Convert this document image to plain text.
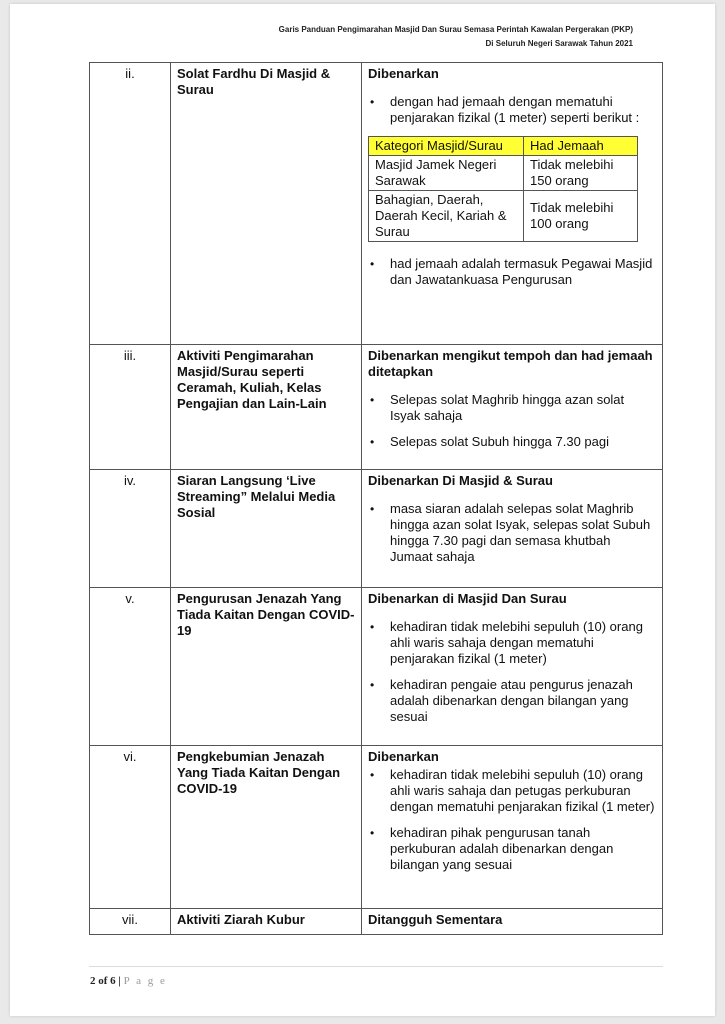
Garis Panduan Pengimarahan Masjid Dan Surau Semasa Perintah Kawalan Pergerakan (PKP)
Di Seluruh Negeri Sarawak Tahun 2021
ii.	Solat Fardhu Di Masjid & Surau	
Dibenarkan
• dengan had jemaah dengan mematuhi penjarakan fizikal (1 meter) seperti berikut :
Kategori Masjid/Surau	Had Jemaah
Masjid Jamek Negeri Sarawak	Tidak melebihi 150 orang
Bahagian, Daerah, Daerah Kecil, Kariah & Surau	Tidak melebihi 100 orang
• had jemaah adalah termasuk Pegawai Masjid dan Jawatankuasa Pengurusan

iii.	Aktiviti Pengimarahan Masjid/Surau seperti Ceramah, Kuliah, Kelas Pengajian dan Lain-Lain	
Dibenarkan mengikut tempoh dan had jemaah ditetapkan
• Selepas solat Maghrib hingga azan solat Isyak sahaja
• Selepas solat Subuh hingga 7.30 pagi

iv.	Siaran Langsung ‘Live Streaming” Melalui Media Sosial	
Dibenarkan Di Masjid & Surau
• masa siaran adalah selepas solat Maghrib hingga azan solat Isyak, selepas solat Subuh hingga 7.30 pagi dan semasa khutbah Jumaat sahaja

v.	Pengurusan Jenazah Yang Tiada Kaitan Dengan COVID-19	
Dibenarkan di Masjid Dan Surau
• kehadiran tidak melebihi sepuluh (10) orang ahli waris sahaja dengan mematuhi penjarakan fizikal (1 meter)
• kehadiran pengaie atau pengurus jenazah adalah dibenarkan dengan bilangan yang sesuai

vi.	Pengkebumian Jenazah Yang Tiada Kaitan Dengan COVID-19	
Dibenarkan
• kehadiran tidak melebihi sepuluh (10) orang ahli waris sahaja dan petugas perkuburan dengan mematuhi penjarakan fizikal (1 meter)
• kehadiran pihak pengurusan tanah perkuburan adalah dibenarkan dengan bilangan yang sesuai

vii.	Aktiviti Ziarah Kubur	Ditangguh Sementara
2 of 6 | P a g e
